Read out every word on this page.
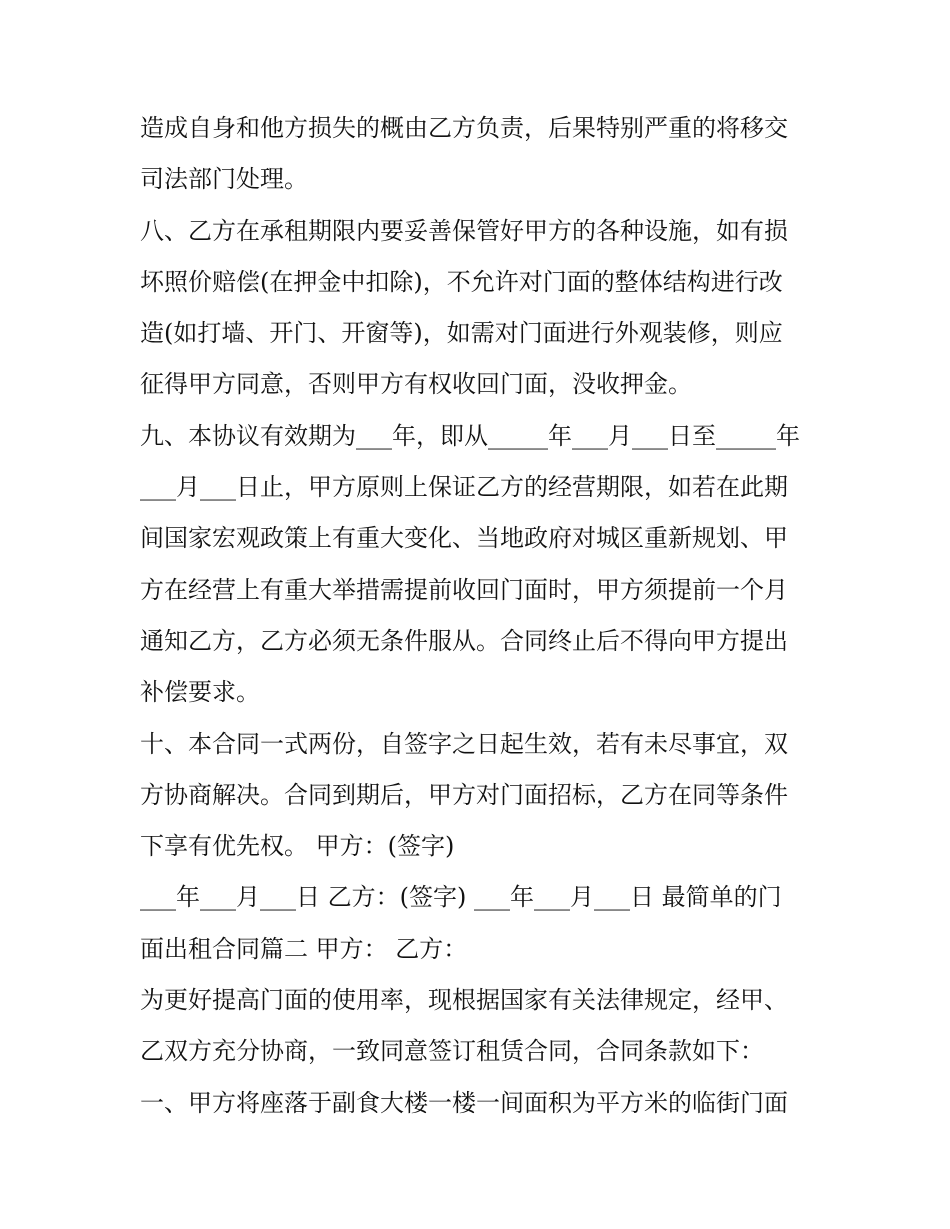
造成自身和他方损失的概由乙方负责，后果特别严重的将移交
司法部门处理。
八、乙方在承租期限内要妥善保管好甲方的各种设施，如有损
坏照价赔偿(在押金中扣除)，不允许对门面的整体结构进行改
造(如打墙、开门、开窗等)，如需对门面进行外观装修，则应
征得甲方同意，否则甲方有权收回门面，没收押金。
九、本协议有效期为___年，即从_____年___月___日至_____年
___月___日止，甲方原则上保证乙方的经营期限，如若在此期
间国家宏观政策上有重大变化、当地政府对城区重新规划、甲
方在经营上有重大举措需提前收回门面时，甲方须提前一个月
通知乙方，乙方必须无条件服从。合同终止后不得向甲方提出
补偿要求。
十、本合同一式两份，自签字之日起生效，若有未尽事宜，双
方协商解决。合同到期后，甲方对门面招标，乙方在同等条件
下享有优先权。 甲方：(签字)
___年___月___日 乙方：(签字) ___年___月___日 最简单的门
面出租合同篇二 甲方： 乙方：
为更好提高门面的使用率，现根据国家有关法律规定，经甲、
乙双方充分协商，一致同意签订租赁合同，合同条款如下：
一、甲方将座落于副食大楼一楼一间面积为平方米的临街门面
